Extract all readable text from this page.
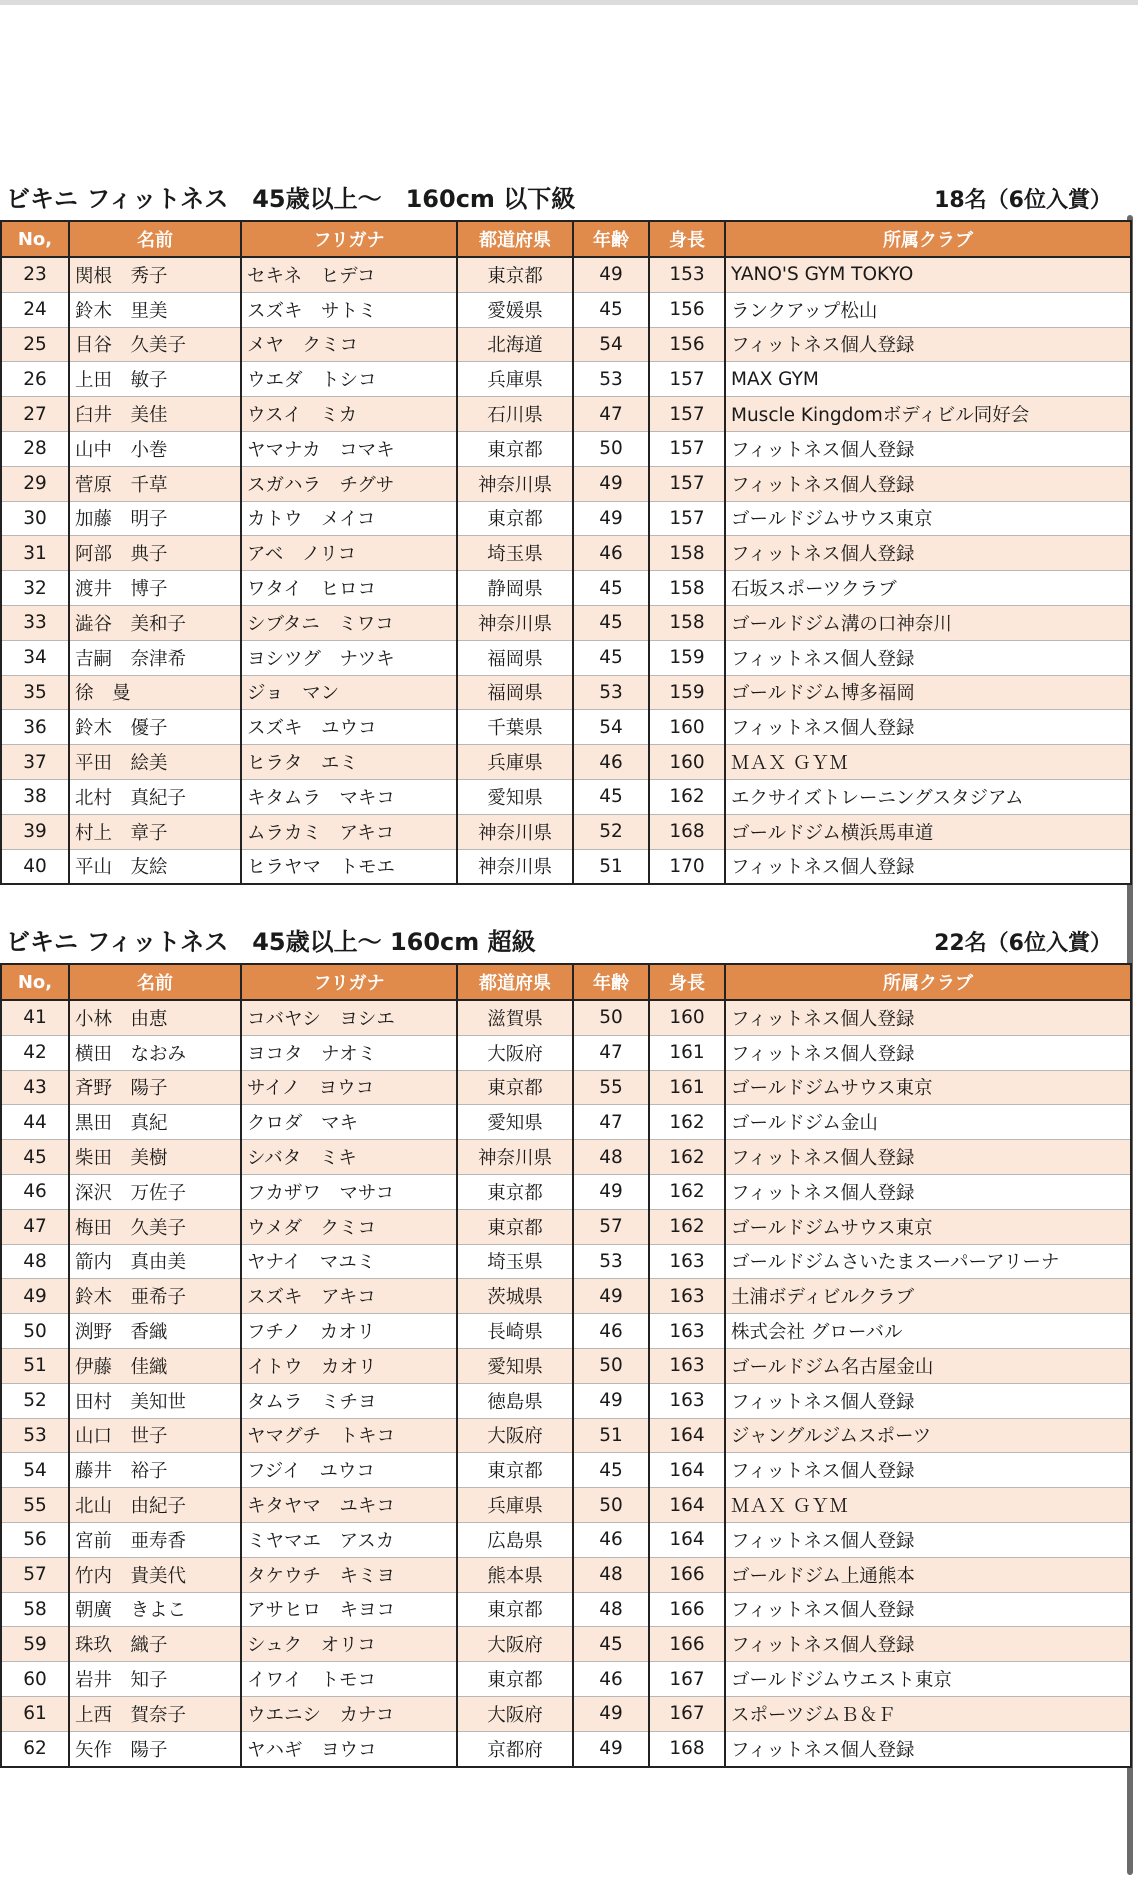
ビキニ フィットネス　45歳以上～　160cm 以下級	18名（6位入賞）
No,	名前	フリガナ	都道府県	年齢	身長	所属クラブ
23	関根　秀子	セキネ　ヒデコ	東京都	49	153	YANO'S GYM TOKYO
24	鈴木　里美	スズキ　サトミ	愛媛県	45	156	ランクアップ松山
25	目谷　久美子	メヤ　クミコ	北海道	54	156	フィットネス個人登録
26	上田　敏子	ウエダ　トシコ	兵庫県	53	157	MAX GYM
27	臼井　美佳	ウスイ　ミカ	石川県	47	157	Muscle Kingdomボディビル同好会
28	山中　小巻	ヤマナカ　コマキ	東京都	50	157	フィットネス個人登録
29	菅原　千草	スガハラ　チグサ	神奈川県	49	157	フィットネス個人登録
30	加藤　明子	カトウ　メイコ	東京都	49	157	ゴールドジムサウス東京
31	阿部　典子	アベ　ノリコ	埼玉県	46	158	フィットネス個人登録
32	渡井　博子	ワタイ　ヒロコ	静岡県	45	158	石坂スポーツクラブ
33	澁谷　美和子	シブタニ　ミワコ	神奈川県	45	158	ゴールドジム溝の口神奈川
34	吉嗣　奈津希	ヨシツグ　ナツキ	福岡県	45	159	フィットネス個人登録
35	徐　曼	ジョ　マン	福岡県	53	159	ゴールドジム博多福岡
36	鈴木　優子	スズキ　ユウコ	千葉県	54	160	フィットネス個人登録
37	平田　絵美	ヒラタ　エミ	兵庫県	46	160	ＭＡＸ ＧＹＭ
38	北村　真紀子	キタムラ　マキコ	愛知県	45	162	エクサイズトレーニングスタジアム
39	村上　章子	ムラカミ　アキコ	神奈川県	52	168	ゴールドジム横浜馬車道
40	平山　友絵	ヒラヤマ　トモエ	神奈川県	51	170	フィットネス個人登録
ビキニ フィットネス　45歳以上～ 160cm 超級	22名（6位入賞）
No,	名前	フリガナ	都道府県	年齢	身長	所属クラブ
41	小林　由恵	コバヤシ　ヨシエ	滋賀県	50	160	フィットネス個人登録
42	横田　なおみ	ヨコタ　ナオミ	大阪府	47	161	フィットネス個人登録
43	斉野　陽子	サイノ　ヨウコ	東京都	55	161	ゴールドジムサウス東京
44	黒田　真紀	クロダ　マキ	愛知県	47	162	ゴールドジム金山
45	柴田　美樹	シバタ　ミキ	神奈川県	48	162	フィットネス個人登録
46	深沢　万佐子	フカザワ　マサコ	東京都	49	162	フィットネス個人登録
47	梅田　久美子	ウメダ　クミコ	東京都	57	162	ゴールドジムサウス東京
48	箭内　真由美	ヤナイ　マユミ	埼玉県	53	163	ゴールドジムさいたまスーパーアリーナ
49	鈴木　亜希子	スズキ　アキコ	茨城県	49	163	土浦ボディビルクラブ
50	渕野　香織	フチノ　カオリ	長崎県	46	163	株式会社 グローバル
51	伊藤　佳織	イトウ　カオリ	愛知県	50	163	ゴールドジム名古屋金山
52	田村　美知世	タムラ　ミチヨ	徳島県	49	163	フィットネス個人登録
53	山口　世子	ヤマグチ　トキコ	大阪府	51	164	ジャングルジムスポーツ
54	藤井　裕子	フジイ　ユウコ	東京都	45	164	フィットネス個人登録
55	北山　由紀子	キタヤマ　ユキコ	兵庫県	50	164	ＭＡＸ ＧＹＭ
56	宮前　亜寿香	ミヤマエ　アスカ	広島県	46	164	フィットネス個人登録
57	竹内　貴美代	タケウチ　キミヨ	熊本県	48	166	ゴールドジム上通熊本
58	朝廣　きよこ	アサヒロ　キヨコ	東京都	48	166	フィットネス個人登録
59	珠玖　織子	シュク　オリコ	大阪府	45	166	フィットネス個人登録
60	岩井　知子	イワイ　トモコ	東京都	46	167	ゴールドジムウエスト東京
61	上西　賀奈子	ウエニシ　カナコ	大阪府	49	167	スポーツジムＢ＆Ｆ
62	矢作　陽子	ヤハギ　ヨウコ	京都府	49	168	フィットネス個人登録
